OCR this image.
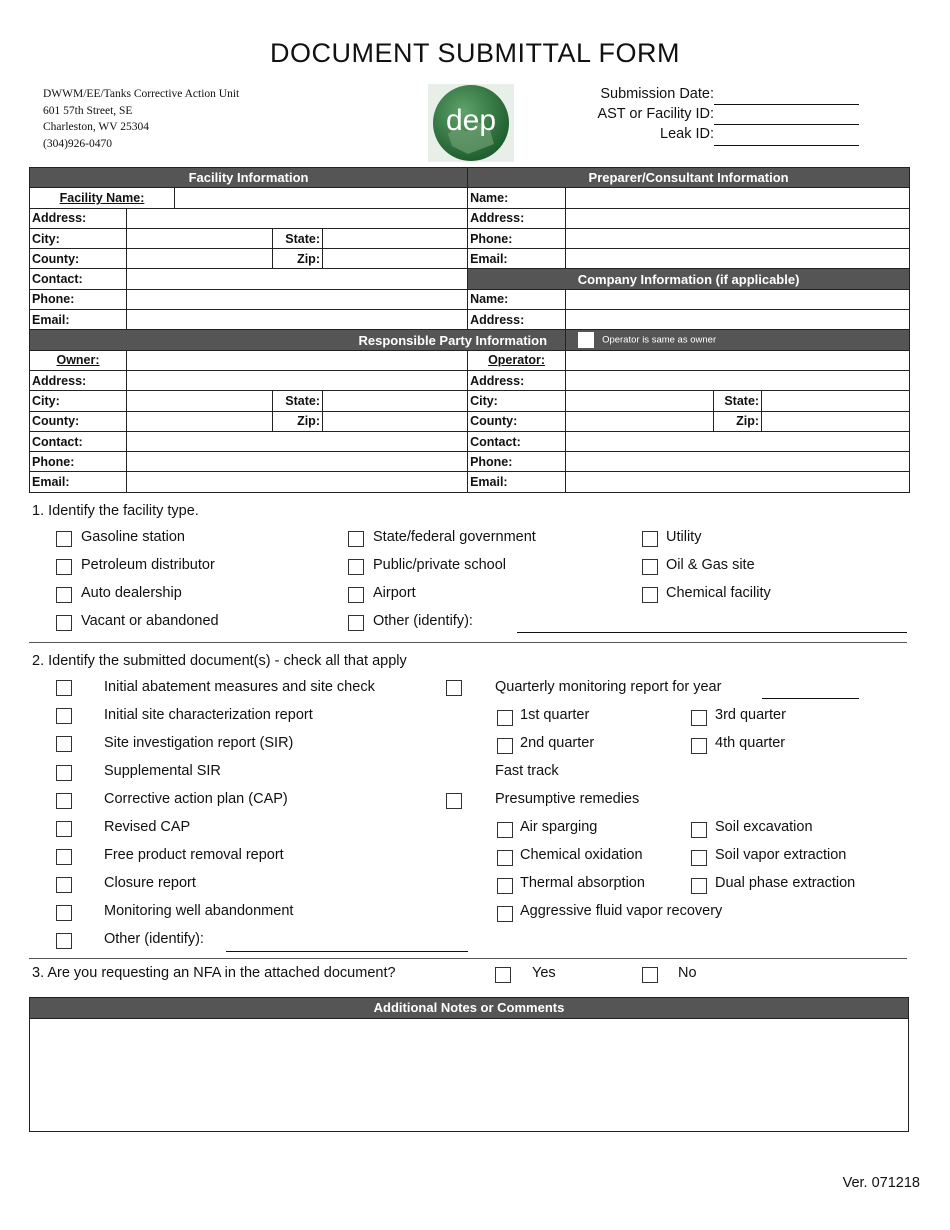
DOCUMENT SUBMITTAL FORM
DWWM/EE/Tanks Corrective Action Unit
601 57th Street, SE
Charleston, WV 25304
(304)926-0470
dep
Submission Date:
AST or Facility ID:
Leak ID:
Facility Information					Preparer/Consultant Information			
Facility Name:					Name:			
Address:					Address:			
City:			State:		Phone:			
County:			Zip:		Email:			
Contact:					Company Information (if applicable)			
Phone:					Name:			
Email:					Address:			
Responsible Party Information						Operator is same as owner		
Owner:					Operator:			
Address:					Address:			
City:			State:		City:		State:	
County:			Zip:		County:		Zip:	
Contact:					Contact:			
Phone:					Phone:			
Email:					Email:			
1. Identify the facility type.
Gasoline station	State/federal government	Utility
Petroleum distributor	Public/private school	Oil & Gas site
Auto dealership	Airport	Chemical facility
Vacant or abandoned	Other (identify):
2. Identify the submitted document(s) - check all that apply
Initial abatement measures and site check
Initial site characterization report
Site investigation report (SIR)
Supplemental SIR
Corrective action plan (CAP)
Revised CAP
Free product removal report
Closure report
Monitoring well abandonment
Other (identify):
Quarterly monitoring report for year
1st quarter	3rd quarter
2nd quarter	4th quarter
Fast track
Presumptive remedies
Air sparging	Soil excavation
Chemical oxidation	Soil vapor extraction
Thermal absorption	Dual phase extraction
Aggressive fluid vapor recovery
3. Are you requesting an NFA in the attached document?	Yes	No
Additional Notes or Comments
Ver. 071218
